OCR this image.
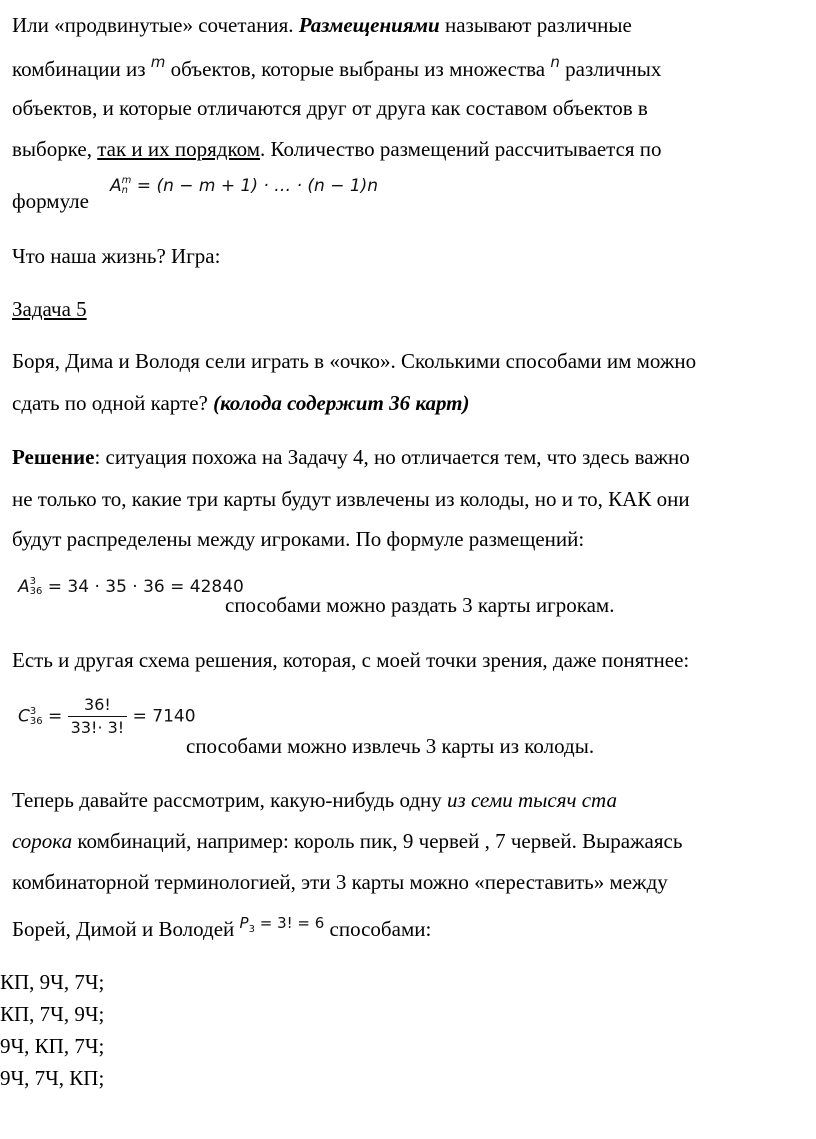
Или «продвинутые» сочетания. Размещениями называют различные
комбинации из $^m$ объектов, которые выбраны из множества $^n$ различных
объектов, и которые отличаются друг от друга как составом объектов в
выборке, так и их порядком. Количество размещений рассчитывается по
формуле
A m
n = (n − m + 1) · … · (n − 1)n
Что наша жизнь? Игра:
Задача 5
Боря, Дима и Володя сели играть в «очко». Сколькими способами им можно
сдать по одной карте? (колода содержит 36 карт)
Решение: ситуация похожа на Задачу 4, но отличается тем, что здесь важно
не только то, какие три карты будут извлечены из колоды, но и то, КАК они
будут распределены между игроками. По формуле размещений:
A 3
36 = 34 · 35 · 36 = 42840
способами можно раздать 3 карты игрокам.
Есть и другая схема решения, которая, с моей точки зрения, даже понятнее:
C 3
$36 = \frac{36!}{33!\cdot 3!} = 7140$
способами можно извлечь 3 карты из колоды.
Теперь давайте рассмотрим, какую-нибудь одну из семи тысяч ста
сорока комбинаций, например: король пик, 9 червей , 7 червей. Выражаясь
комбинаторной терминологией, эти 3 карты можно «переставить» между
Борей, Димой и Володей $^{P_3 = 3! = 6}$ способами:
КП, 9Ч, 7Ч;
КП, 7Ч, 9Ч;
9Ч, КП, 7Ч;
9Ч, 7Ч, КП;
